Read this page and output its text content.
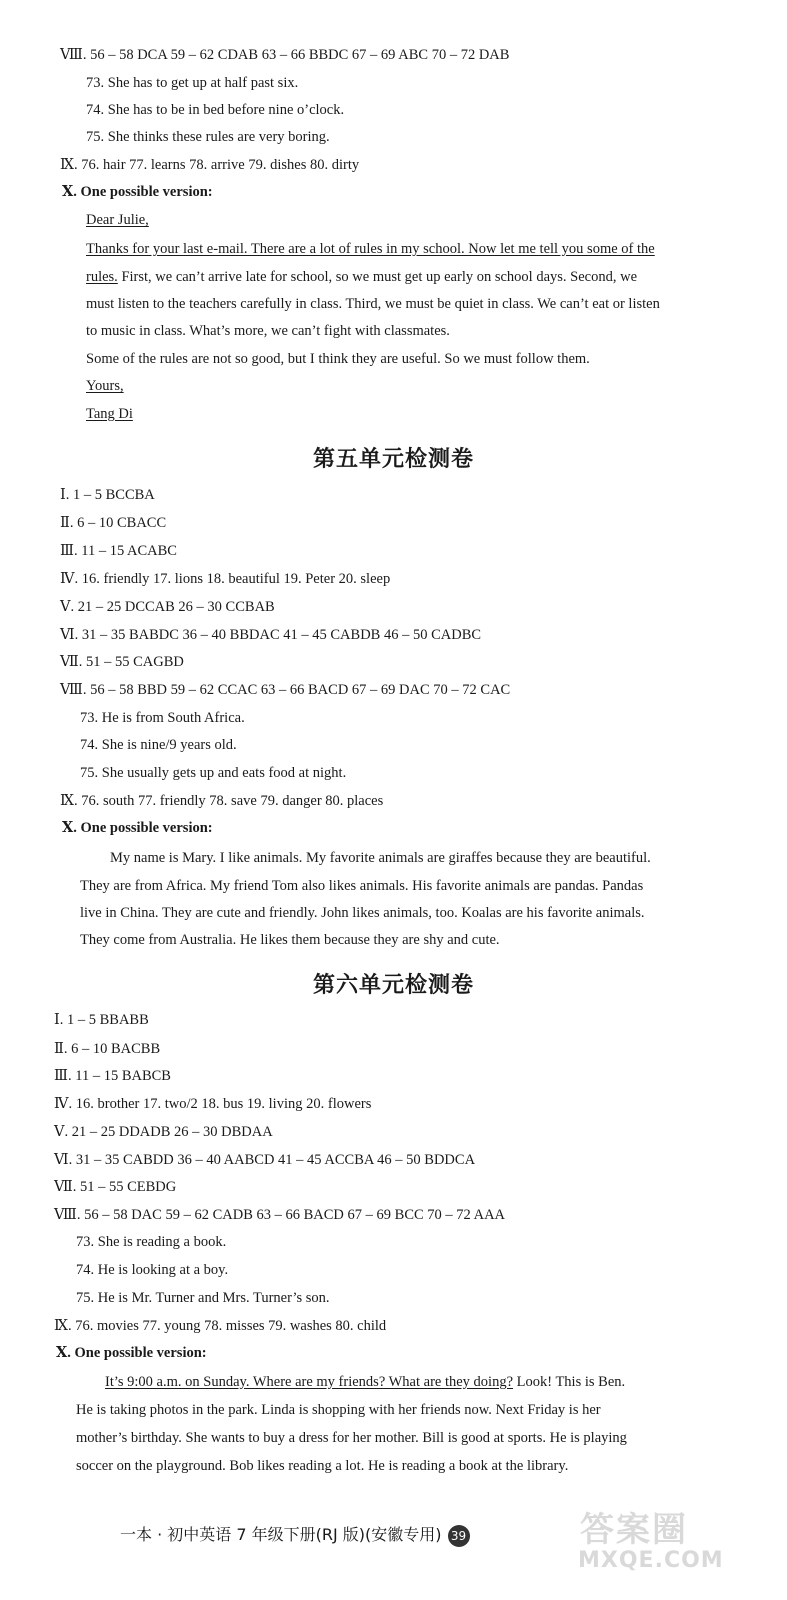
Ⅷ. 56 – 58 DCA 59 – 62 CDAB 63 – 66 BBDC 67 – 69 ABC 70 – 72 DAB
73. She has to get up at half past six.
74. She has to be in bed before nine o’clock.
75. She thinks these rules are very boring.
Ⅸ. 76. hair 77. learns 78. arrive 79. dishes 80. dirty
Ⅹ. One possible version:
Dear Julie,
Thanks for your last e-mail. There are a lot of rules in my school. Now let me tell you some of the
rules. First, we can’t arrive late for school, so we must get up early on school days. Second, we
must listen to the teachers carefully in class. Third, we must be quiet in class. We can’t eat or listen
to music in class. What’s more, we can’t fight with classmates.
Some of the rules are not so good, but I think they are useful. So we must follow them.
Yours,
Tang Di
第五单元检测卷
Ⅰ. 1 – 5 BCCBA
Ⅱ. 6 – 10 CBACC
Ⅲ. 11 – 15 ACABC
Ⅳ. 16. friendly 17. lions 18. beautiful 19. Peter 20. sleep
Ⅴ. 21 – 25 DCCAB 26 – 30 CCBAB
Ⅵ. 31 – 35 BABDC 36 – 40 BBDAC 41 – 45 CABDB 46 – 50 CADBC
Ⅶ. 51 – 55 CAGBD
Ⅷ. 56 – 58 BBD 59 – 62 CCAC 63 – 66 BACD 67 – 69 DAC 70 – 72 CAC
73. He is from South Africa.
74. She is nine/9 years old.
75. She usually gets up and eats food at night.
Ⅸ. 76. south 77. friendly 78. save 79. danger 80. places
Ⅹ. One possible version:
My name is Mary. I like animals. My favorite animals are giraffes because they are beautiful.
They are from Africa. My friend Tom also likes animals. His favorite animals are pandas. Pandas
live in China. They are cute and friendly. John likes animals, too. Koalas are his favorite animals.
They come from Australia. He likes them because they are shy and cute.
第六单元检测卷
Ⅰ. 1 – 5 BBABB
Ⅱ. 6 – 10 BACBB
Ⅲ. 11 – 15 BABCB
Ⅳ. 16. brother 17. two/2 18. bus 19. living 20. flowers
Ⅴ. 21 – 25 DDADB 26 – 30 DBDAA
Ⅵ. 31 – 35 CABDD 36 – 40 AABCD 41 – 45 ACCBA 46 – 50 BDDCA
Ⅶ. 51 – 55 CEBDG
Ⅷ. 56 – 58 DAC 59 – 62 CADB 63 – 66 BACD 67 – 69 BCC 70 – 72 AAA
73. She is reading a book.
74. He is looking at a boy.
75. He is Mr. Turner and Mrs. Turner’s son.
Ⅸ. 76. movies 77. young 78. misses 79. washes 80. child
Ⅹ. One possible version:
It’s 9:00 a.m. on Sunday. Where are my friends? What are they doing? Look! This is Ben.
He is taking photos in the park. Linda is shopping with her friends now. Next Friday is her
mother’s birthday. She wants to buy a dress for her mother. Bill is good at sports. He is playing
soccer on the playground. Bob likes reading a lot. He is reading a book at the library.
一本 · 初中英语 7 年级下册(RJ 版)(安徽专用) 39	答案圈
MXQE.COM
